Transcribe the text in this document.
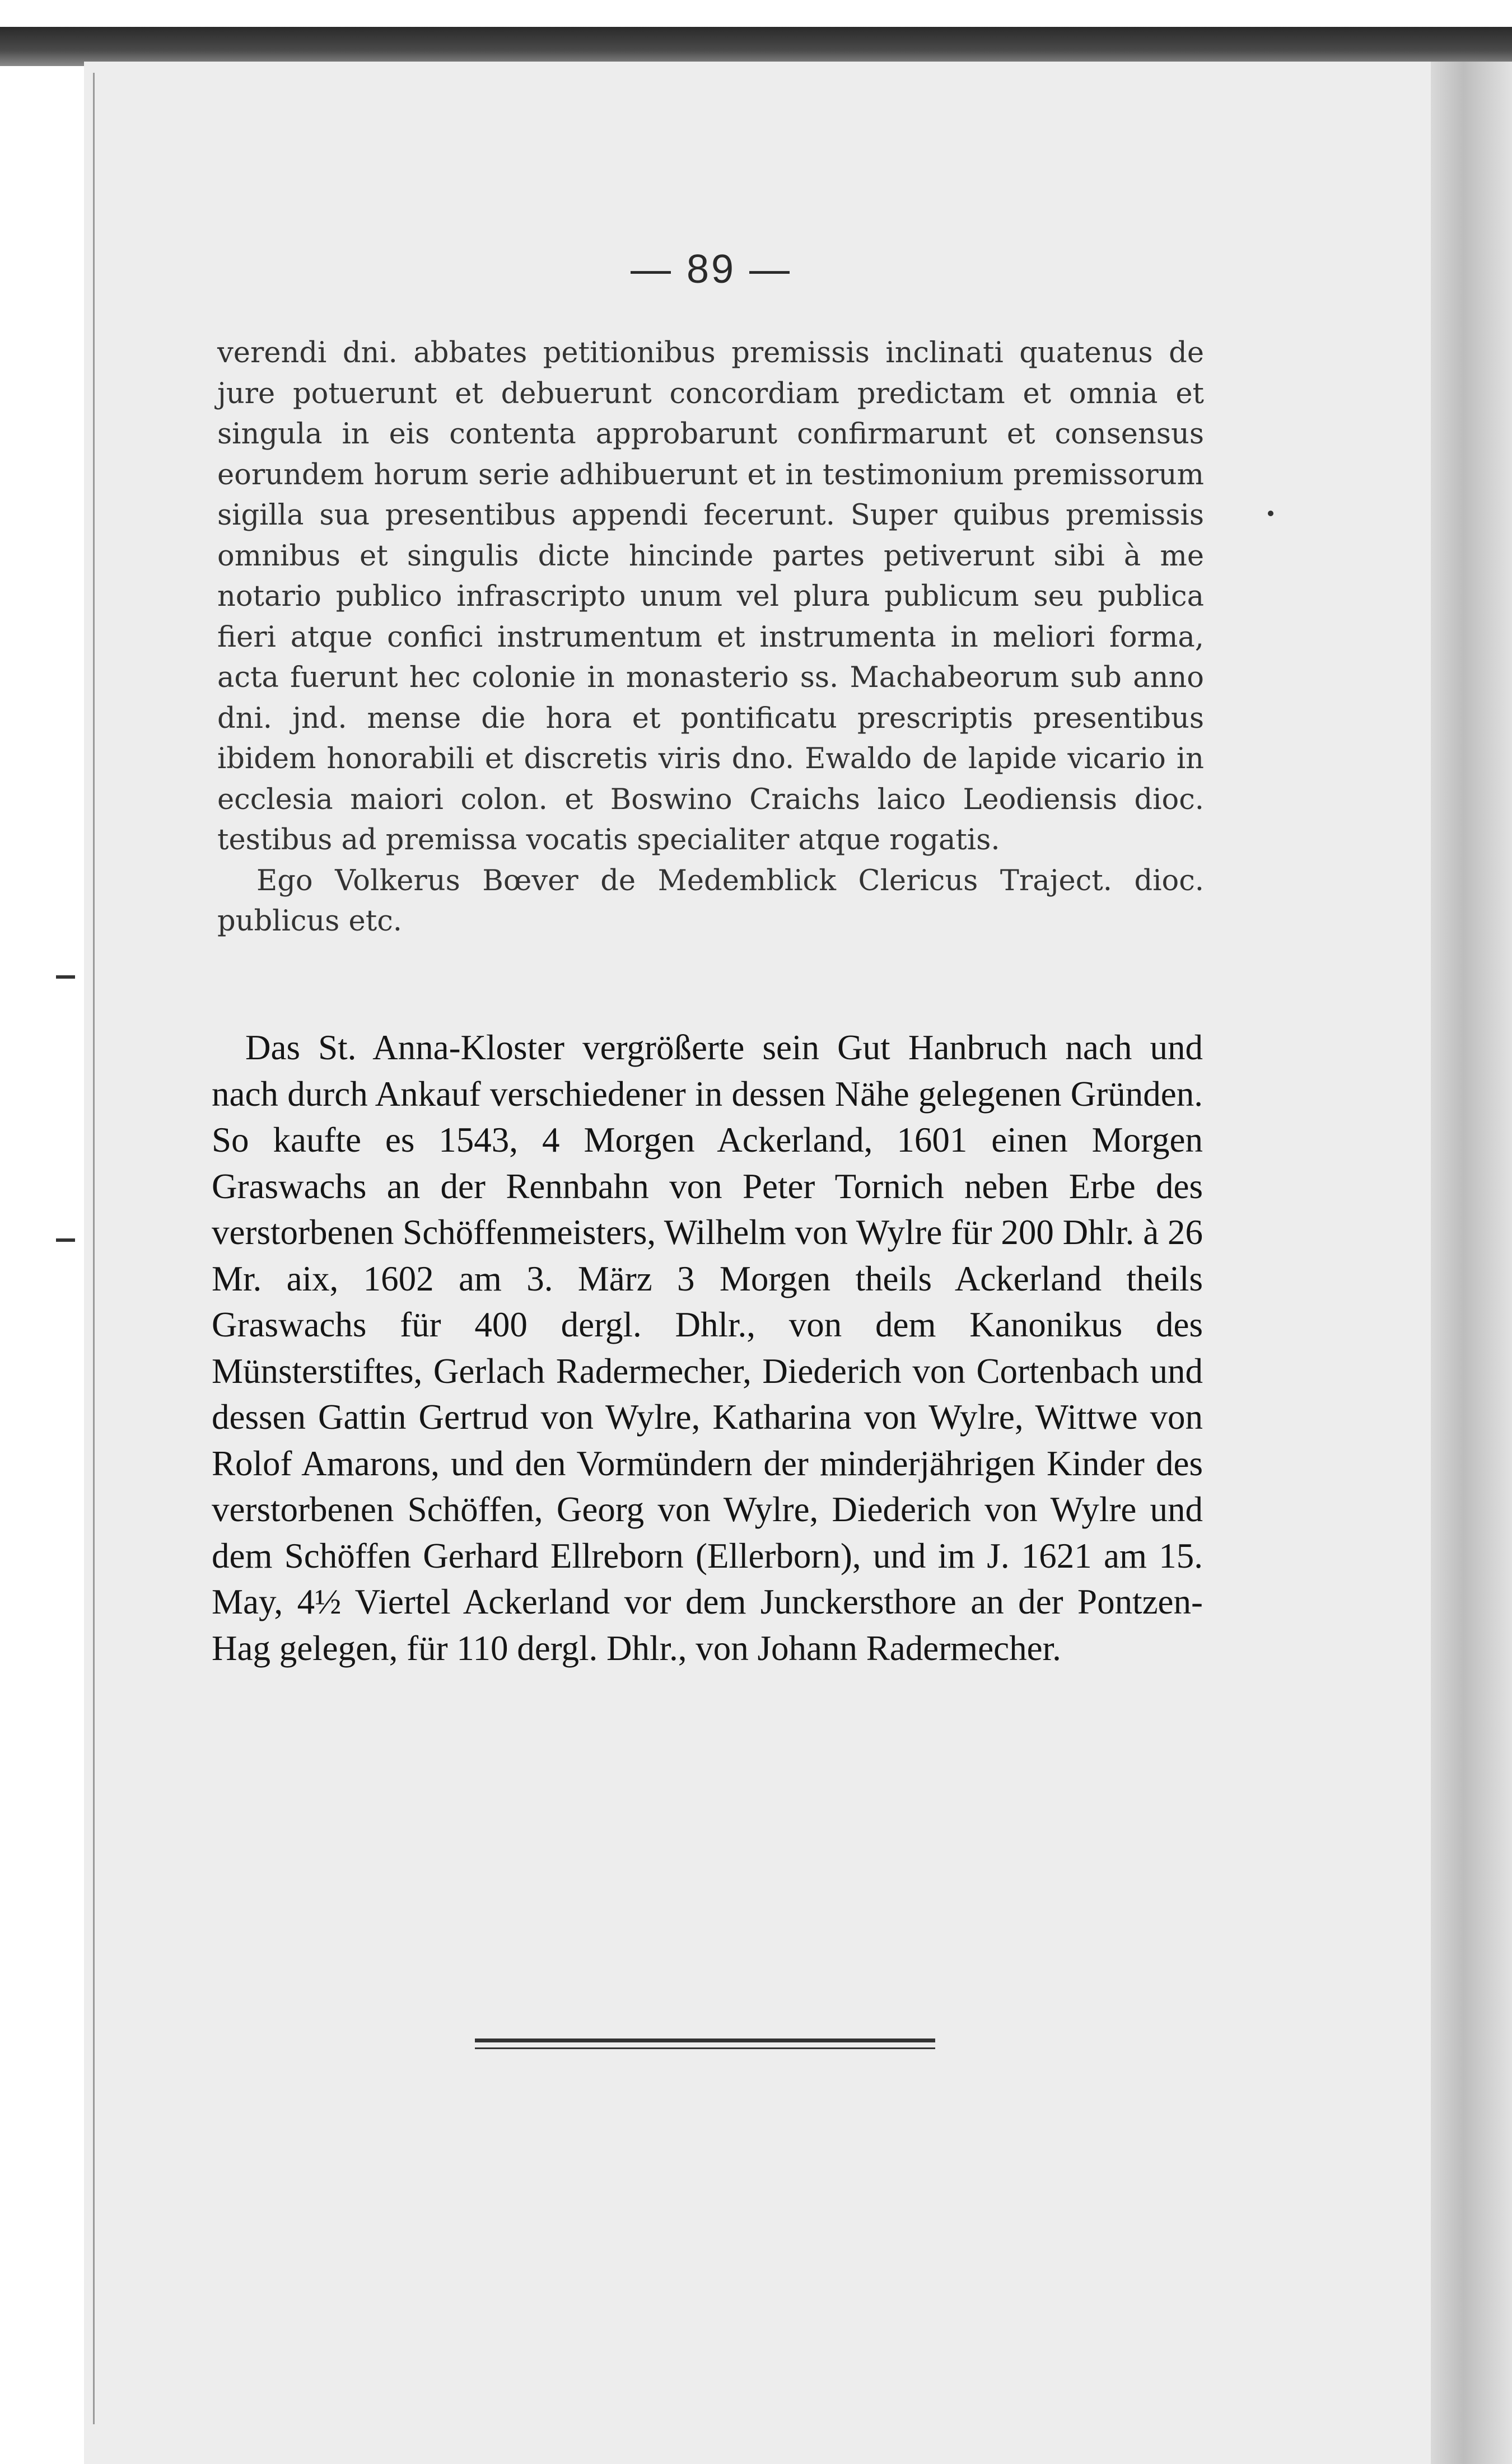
— 89 —

verendi dni. abbates petitionibus premissis inclinati quatenus de jure potuerunt et debuerunt concordiam predictam et omnia et singula in eis contenta approbarunt confirmarunt et consensus eorundem horum serie adhibuerunt et in testimonium premissorum sigilla sua presentibus appendi fecerunt. Super quibus premissis omnibus et singulis dicte hincinde partes petiverunt sibi à me notario publico infrascripto unum vel plura publicum seu publica fieri atque confici instrumentum et instrumenta in meliori forma, acta fuerunt hec colonie in monasterio ss. Machabeorum sub anno dni. jnd. mense die hora et pontificatu prescriptis presentibus ibidem honorabili et discretis viris dno. Ewaldo de lapide vicario in ecclesia maiori colon. et Boswino Craichs laico Leodiensis dioc. testibus ad premissa vocatis specialiter atque rogatis.

Ego Volkerus Bœver de Medemblick Clericus Traject. dioc. publicus etc.

Das St. Anna-Kloster vergrößerte sein Gut Hanbruch nach und nach durch Ankauf verschiedener in dessen Nähe gelegenen Gründen. So kaufte es 1543, 4 Morgen Ackerland, 1601 einen Morgen Graswachs an der Rennbahn von Peter Tornich neben Erbe des verstorbenen Schöffenmeisters, Wilhelm von Wylre für 200 Dhlr. à 26 Mr. aix, 1602 am 3. März 3 Morgen theils Ackerland theils Graswachs für 400 dergl. Dhlr., von dem Kanonikus des Münsterstiftes, Gerlach Radermecher, Diederich von Cortenbach und dessen Gattin Gertrud von Wylre, Katharina von Wylre, Wittwe von Rolof Amarons, und den Vormündern der minderjährigen Kinder des verstorbenen Schöffen, Georg von Wylre, Diederich von Wylre und dem Schöffen Gerhard Ellreborn (Ellerborn), und im J. 1621 am 15. May, 4½ Viertel Ackerland vor dem Junckersthore an der Pontzen-Hag gelegen, für 110 dergl. Dhlr., von Johann Radermecher.
